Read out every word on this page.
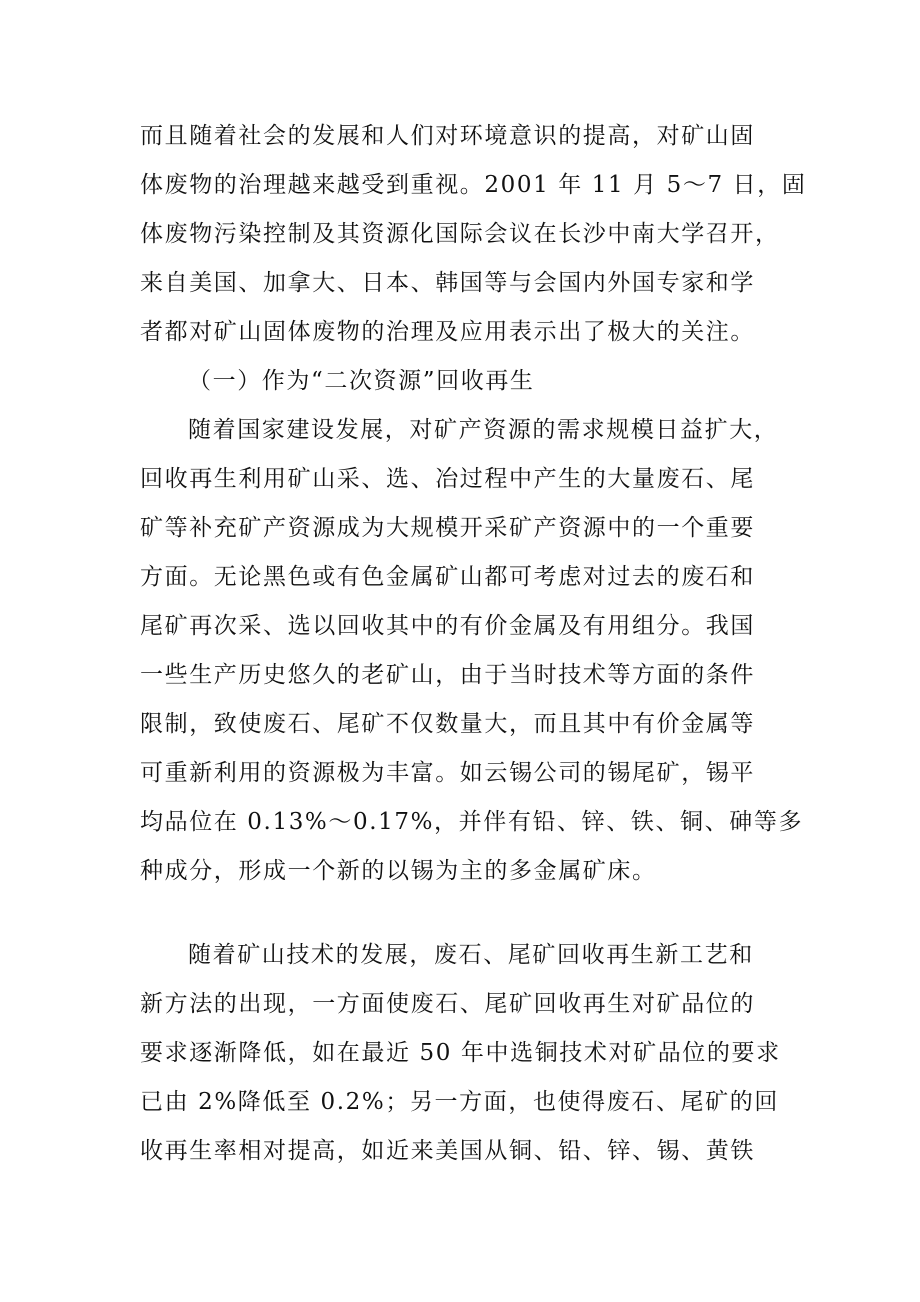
而且随着社会的发展和人们对环境意识的提高，对矿山固
体废物的治理越来越受到重视。2001 年 11 月 5～7 日，固
体废物污染控制及其资源化国际会议在长沙中南大学召开，
来自美国、加拿大、日本、韩国等与会国内外国专家和学
者都对矿山固体废物的治理及应用表示出了极大的关注。
（一）作为“二次资源”回收再生
随着国家建设发展，对矿产资源的需求规模日益扩大，
回收再生利用矿山采、选、冶过程中产生的大量废石、尾
矿等补充矿产资源成为大规模开采矿产资源中的一个重要
方面。无论黑色或有色金属矿山都可考虑对过去的废石和
尾矿再次采、选以回收其中的有价金属及有用组分。我国
一些生产历史悠久的老矿山，由于当时技术等方面的条件
限制，致使废石、尾矿不仅数量大，而且其中有价金属等
可重新利用的资源极为丰富。如云锡公司的锡尾矿，锡平
均品位在 0.13%～0.17%，并伴有铅、锌、铁、铜、砷等多
种成分，形成一个新的以锡为主的多金属矿床。
随着矿山技术的发展，废石、尾矿回收再生新工艺和
新方法的出现，一方面使废石、尾矿回收再生对矿品位的
要求逐渐降低，如在最近 50 年中选铜技术对矿品位的要求
已由 2%降低至 0.2%；另一方面，也使得废石、尾矿的回
收再生率相对提高，如近来美国从铜、铅、锌、锡、黄铁
